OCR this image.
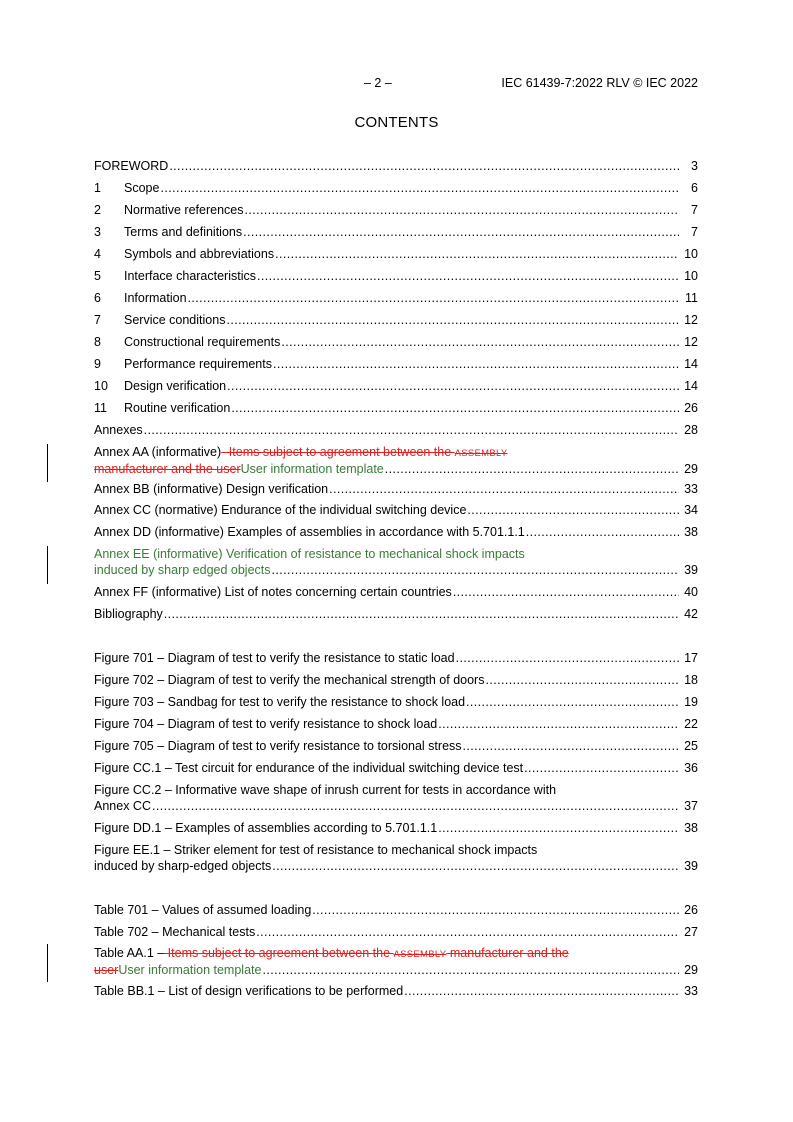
– 2 –	IEC 61439-7:2022 RLV © IEC 2022
CONTENTS
FOREWORD .....	3
1	Scope .....	6
2	Normative references .....	7
3	Terms and definitions .....	7
4	Symbols and abbreviations .....	10
5	Interface characteristics .....	10
6	Information .....	11
7	Service conditions .....	12
8	Constructional requirements .....	12
9	Performance requirements .....	14
10	Design verification .....	14
11	Routine verification .....	26
Annexes .....	28
Annex AA (informative)- Items subject to agreement between the ASSEMBLY
manufacturer and the user User information template .....	29
Annex BB (informative) Design verification .....	33
Annex CC (normative) Endurance of the individual switching device .....	34
Annex DD (informative) Examples of assemblies in accordance with 5.701.1.1 .....	38
Annex EE (informative) Verification of resistance to mechanical shock impacts
induced by sharp edged objects .....	39
Annex FF (informative) List of notes concerning certain countries .....	40
Bibliography .....	42
Figure 701 – Diagram of test to verify the resistance to static load .....	17
Figure 702 – Diagram of test to verify the mechanical strength of doors .....	18
Figure 703 – Sandbag for test to verify the resistance to shock load .....	19
Figure 704 – Diagram of test to verify resistance to shock load .....	22
Figure 705 – Diagram of test to verify resistance to torsional stress .....	25
Figure CC.1 – Test circuit for endurance of the individual switching device test .....	36
Figure CC.2 – Informative wave shape of inrush current for tests in accordance with
Annex CC .....	37
Figure DD.1 – Examples of assemblies according to 5.701.1.1 .....	38
Figure EE.1 – Striker element for test of resistance to mechanical shock impacts
induced by sharp-edged objects .....	39
Table 701 – Values of assumed loading .....	26
Table 702 – Mechanical tests .....	27
Table AA.1 – Items subject to agreement between the ASSEMBLY manufacturer and the
user User information template .....	29
Table BB.1 – List of design verifications to be performed .....	33
